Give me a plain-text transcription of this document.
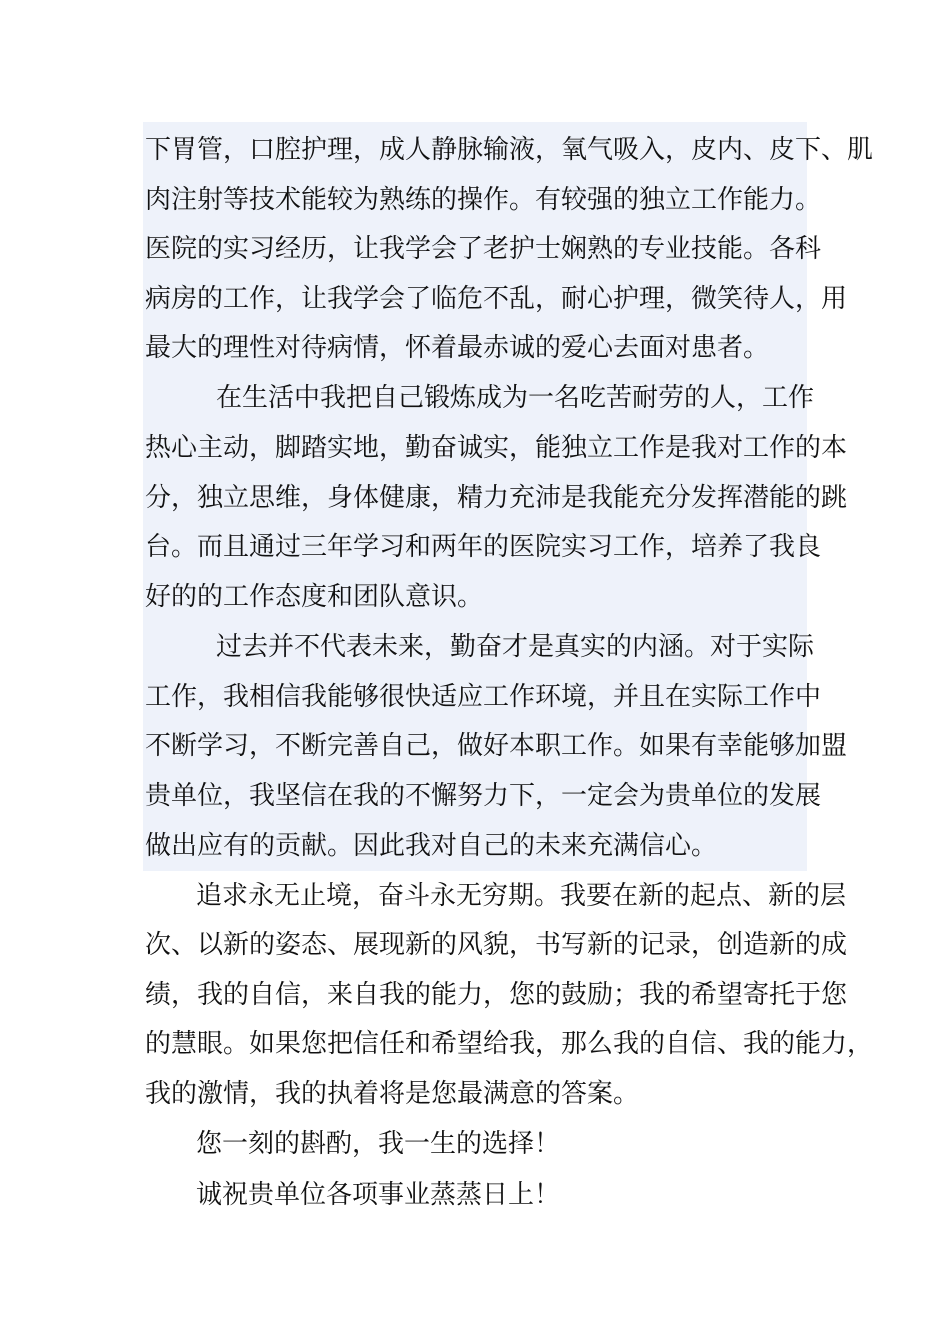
下胃管，口腔护理，成人静脉输液，氧气吸入，皮内、皮下、肌

肉注射等技术能较为熟练的操作。有较强的独立工作能力。

医院的实习经历，让我学会了老护士娴熟的专业技能。各科

病房的工作，让我学会了临危不乱，耐心护理，微笑待人，用

最大的理性对待病情，怀着最赤诚的爱心去面对患者。

在生活中我把自己锻炼成为一名吃苦耐劳的人，工作

热心主动，脚踏实地，勤奋诚实，能独立工作是我对工作的本

分，独立思维，身体健康，精力充沛是我能充分发挥潜能的跳

台。而且通过三年学习和两年的医院实习工作，培养了我良

好的的工作态度和团队意识。

过去并不代表未来，勤奋才是真实的内涵。对于实际

工作，我相信我能够很快适应工作环境，并且在实际工作中

不断学习，不断完善自己，做好本职工作。如果有幸能够加盟

贵单位，我坚信在我的不懈努力下，一定会为贵单位的发展

做出应有的贡献。因此我对自己的未来充满信心。

追求永无止境，奋斗永无穷期。我要在新的起点、新的层

次、以新的姿态、展现新的风貌，书写新的记录，创造新的成

绩，我的自信，来自我的能力，您的鼓励；我的希望寄托于您

的慧眼。如果您把信任和希望给我，那么我的自信、我的能力，

我的激情，我的执着将是您最满意的答案。

您一刻的斟酌，我一生的选择！

诚祝贵单位各项事业蒸蒸日上！
